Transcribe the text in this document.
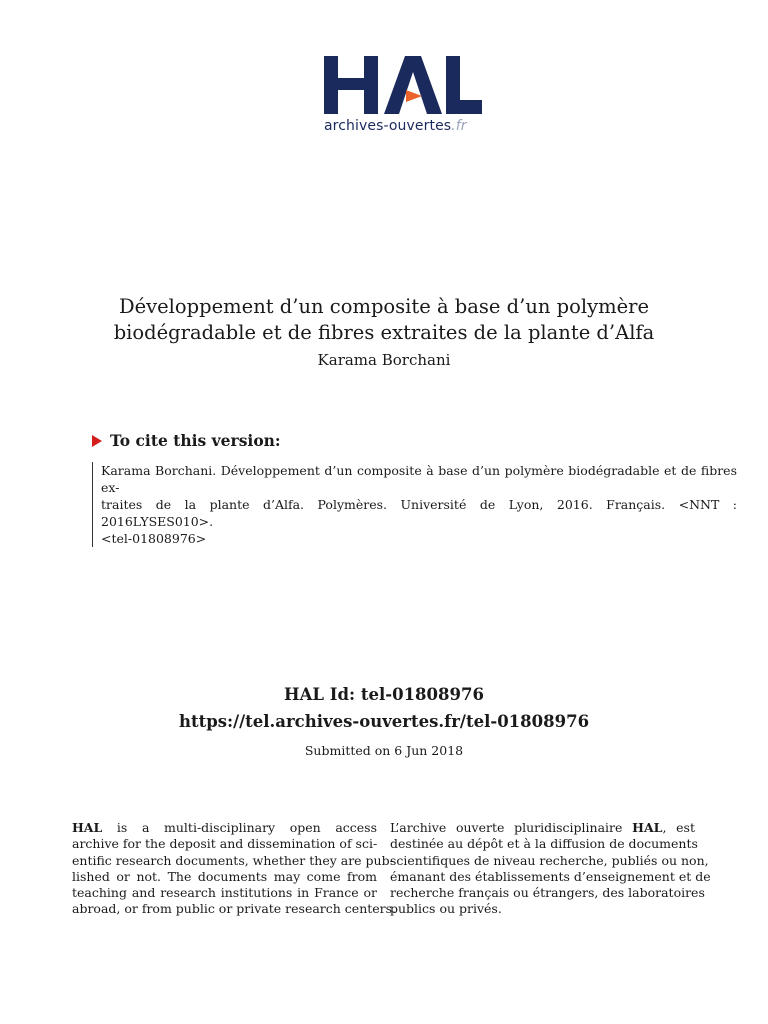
archives-ouvertes.fr
Développement d’un composite à base d’un polymère
biodégradable et de fibres extraites de la plante d’Alfa
Karama Borchani
To cite this version:
Karama Borchani. Développement d’un composite à base d’un polymère biodégradable et de fibres ex-
traites de la plante d’Alfa. Polymères. Université de Lyon, 2016. Français. <NNT : 2016LYSES010>.
<tel-01808976>
HAL Id: tel-01808976
https://tel.archives-ouvertes.fr/tel-01808976
Submitted on 6 Jun 2018
HAL is a multi-disciplinary open access
archive for the deposit and dissemination of sci-
entific research documents, whether they are pub-
lished or not. The documents may come from
teaching and research institutions in France or
abroad, or from public or private research centers.
L’archive ouverte pluridisciplinaire HAL, est
destinée au dépôt et à la diffusion de documents
scientifiques de niveau recherche, publiés ou non,
émanant des établissements d’enseignement et de
recherche français ou étrangers, des laboratoires
publics ou privés.
